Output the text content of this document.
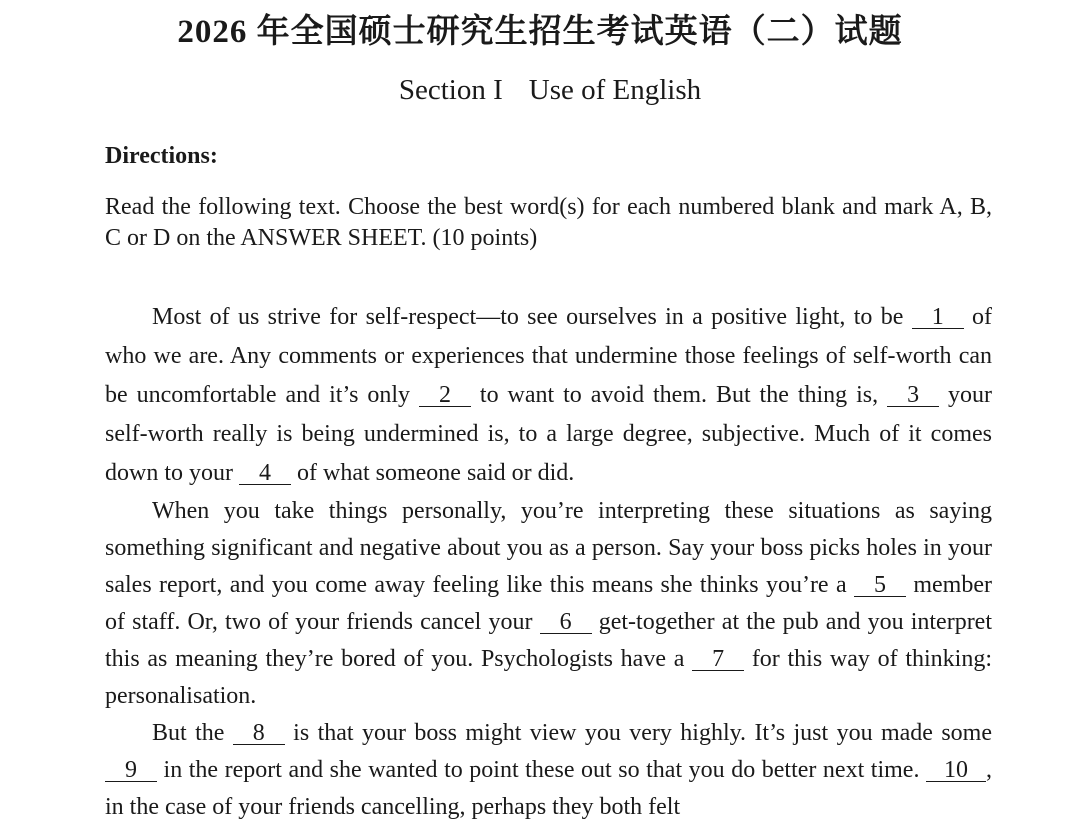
2026 年全国硕士研究生招生考试英语（二）试题
Section I Use of English
Directions:
Read the following text. Choose the best word(s) for each numbered blank and mark A, B, C or D on the ANSWER SHEET. (10 points)

Most of us strive for self-respect—to see ourselves in a positive light, to be 1 of who we are. Any comments or experiences that undermine those feelings of self-worth can be uncomfortable and it’s only 2 to want to avoid them. But the thing is, 3 your self-worth really is being undermined is, to a large degree, subjective. Much of it comes down to your 4 of what someone said or did.

When you take things personally, you’re interpreting these situations as saying something significant and negative about you as a person. Say your boss picks holes in your sales report, and you come away feeling like this means she thinks you’re a 5 member of staff. Or, two of your friends cancel your 6 get-together at the pub and you interpret this as meaning they’re bored of you. Psychologists have a 7 for this way of thinking: personalisation.

But the 8 is that your boss might view you very highly. It’s just you made some 9 in the report and she wanted to point these out so that you do better next time. 10 , in the case of your friends cancelling, perhaps they both felt
